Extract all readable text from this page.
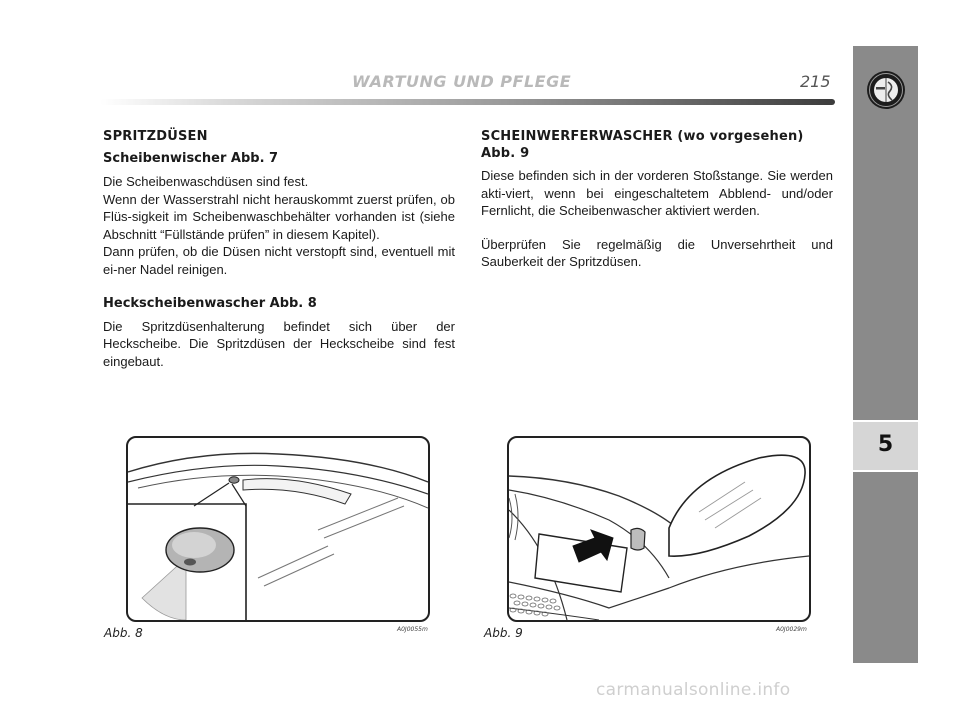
WARTUNG UND PFLEGE	215
5
SPRITZDÜSEN
Scheibenwischer Abb. 7
Die Scheibenwaschdüsen sind fest.
Wenn der Wasserstrahl nicht herauskommt zuerst prüfen, ob Flüs-sigkeit im Scheibenwaschbehälter vorhanden ist (siehe Abschnitt “Füllstände prüfen” in diesem Kapitel).
Dann prüfen, ob die Düsen nicht verstopft sind, eventuell mit ei-ner Nadel reinigen.
Heckscheibenwascher Abb. 8
Die Spritzdüsenhalterung befindet sich über der Heckscheibe. Die Spritzdüsen der Heckscheibe sind fest eingebaut.
SCHEINWERFERWASCHER (wo vorgesehen) Abb. 9
Diese befinden sich in der vorderen Stoßstange. Sie werden akti-viert, wenn bei eingeschaltetem Abblend- und/oder Fernlicht, die Scheibenwascher aktiviert werden.
Überprüfen Sie regelmäßig die Unversehrtheit und Sauberkeit der Spritzdüsen.
Abb. 8	A0J0055m	Abb. 9	A0J0029m
carmanualsonline.info
